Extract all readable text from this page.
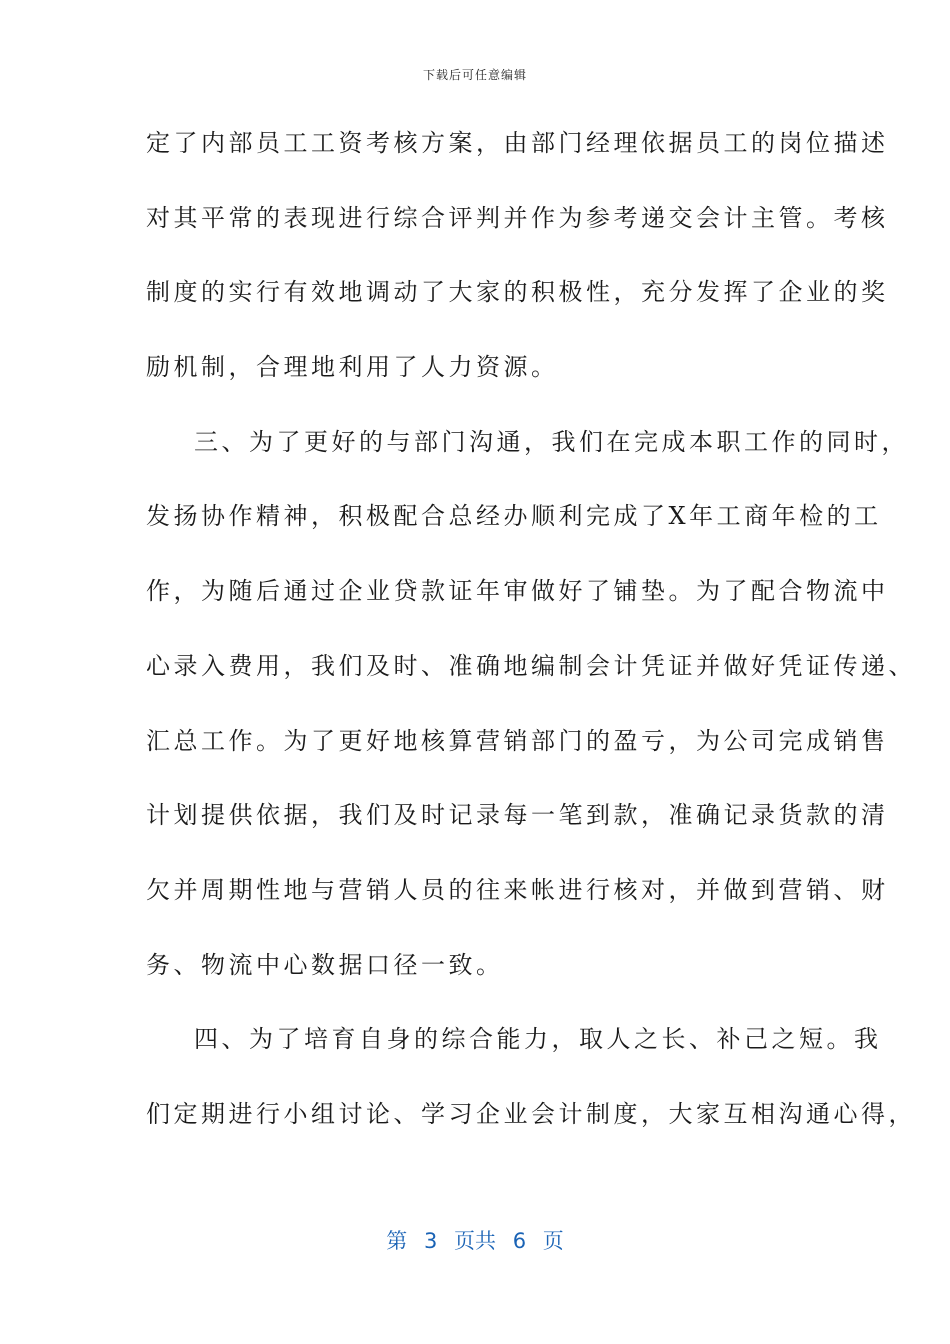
下载后可任意编辑
定了内部员工工资考核方案，由部门经理依据员工的岗位描述
对其平常的表现进行综合评判并作为参考递交会计主管。考核
制度的实行有效地调动了大家的积极性，充分发挥了企业的奖
励机制，合理地利用了人力资源。
三、为了更好的与部门沟通，我们在完成本职工作的同时，
发扬协作精神，积极配合总经办顺利完成了X年工商年检的工
作，为随后通过企业贷款证年审做好了铺垫。为了配合物流中
心录入费用，我们及时、准确地编制会计凭证并做好凭证传递、
汇总工作。为了更好地核算营销部门的盈亏，为公司完成销售
计划提供依据，我们及时记录每一笔到款，准确记录货款的清
欠并周期性地与营销人员的往来帐进行核对，并做到营销、财
务、物流中心数据口径一致。
四、为了培育自身的综合能力，取人之长、补己之短。我
们定期进行小组讨论、学习企业会计制度，大家互相沟通心得，
第 3 页共 6 页
